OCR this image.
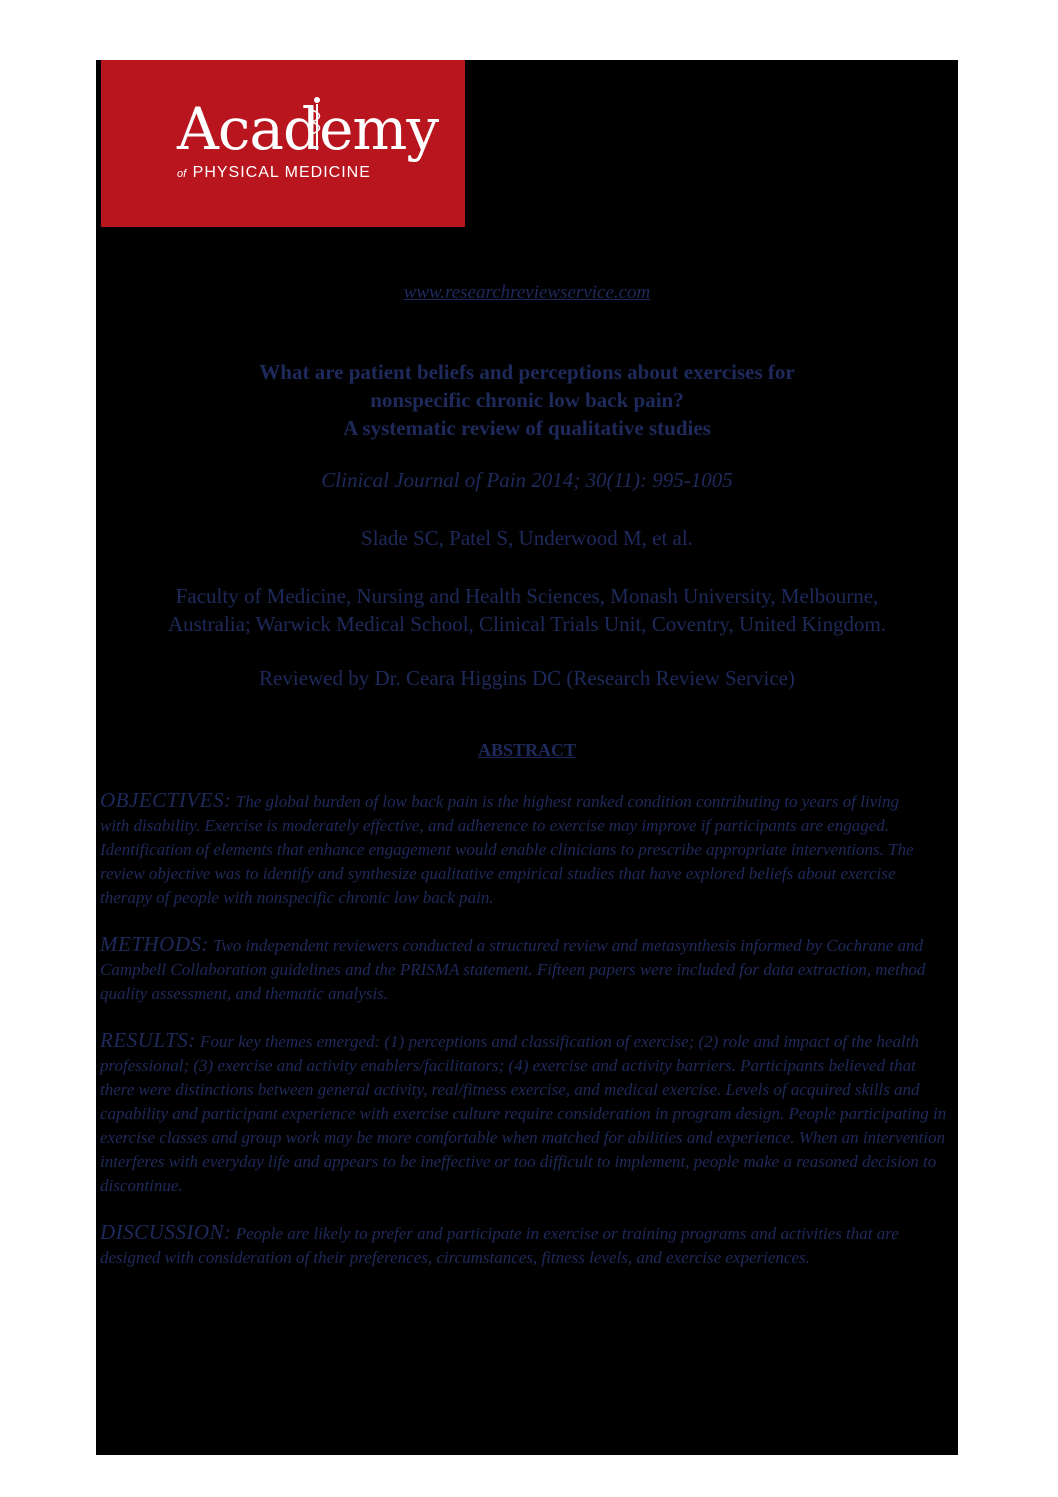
Academy
of PHYSICAL MEDICINE
www.researchreviewservice.com
What are patient beliefs and perceptions about exercises for
nonspecific chronic low back pain?
A systematic review of qualitative studies
Clinical Journal of Pain 2014; 30(11): 995-1005
Slade SC, Patel S, Underwood M, et al.
Faculty of Medicine, Nursing and Health Sciences, Monash University, Melbourne,
Australia; Warwick Medical School, Clinical Trials Unit, Coventry, United Kingdom.
Reviewed by Dr. Ceara Higgins DC (Research Review Service)
ABSTRACT
OBJECTIVES: The global burden of low back pain is the highest ranked condition contributing to years of living
with disability. Exercise is moderately effective, and adherence to exercise may improve if participants are engaged.
Identification of elements that enhance engagement would enable clinicians to prescribe appropriate interventions. The
review objective was to identify and synthesize qualitative empirical studies that have explored beliefs about exercise
therapy of people with nonspecific chronic low back pain.
METHODS: Two independent reviewers conducted a structured review and metasynthesis informed by Cochrane and
Campbell Collaboration guidelines and the PRISMA statement. Fifteen papers were included for data extraction, method
quality assessment, and thematic analysis.
RESULTS: Four key themes emerged: (1) perceptions and classification of exercise; (2) role and impact of the health
professional; (3) exercise and activity enablers/facilitators; (4) exercise and activity barriers. Participants believed that
there were distinctions between general activity, real/fitness exercise, and medical exercise. Levels of acquired skills and
capability and participant experience with exercise culture require consideration in program design. People participating in
exercise classes and group work may be more comfortable when matched for abilities and experience. When an intervention
interferes with everyday life and appears to be ineffective or too difficult to implement, people make a reasoned decision to
discontinue.
DISCUSSION: People are likely to prefer and participate in exercise or training programs and activities that are
designed with consideration of their preferences, circumstances, fitness levels, and exercise experiences.
